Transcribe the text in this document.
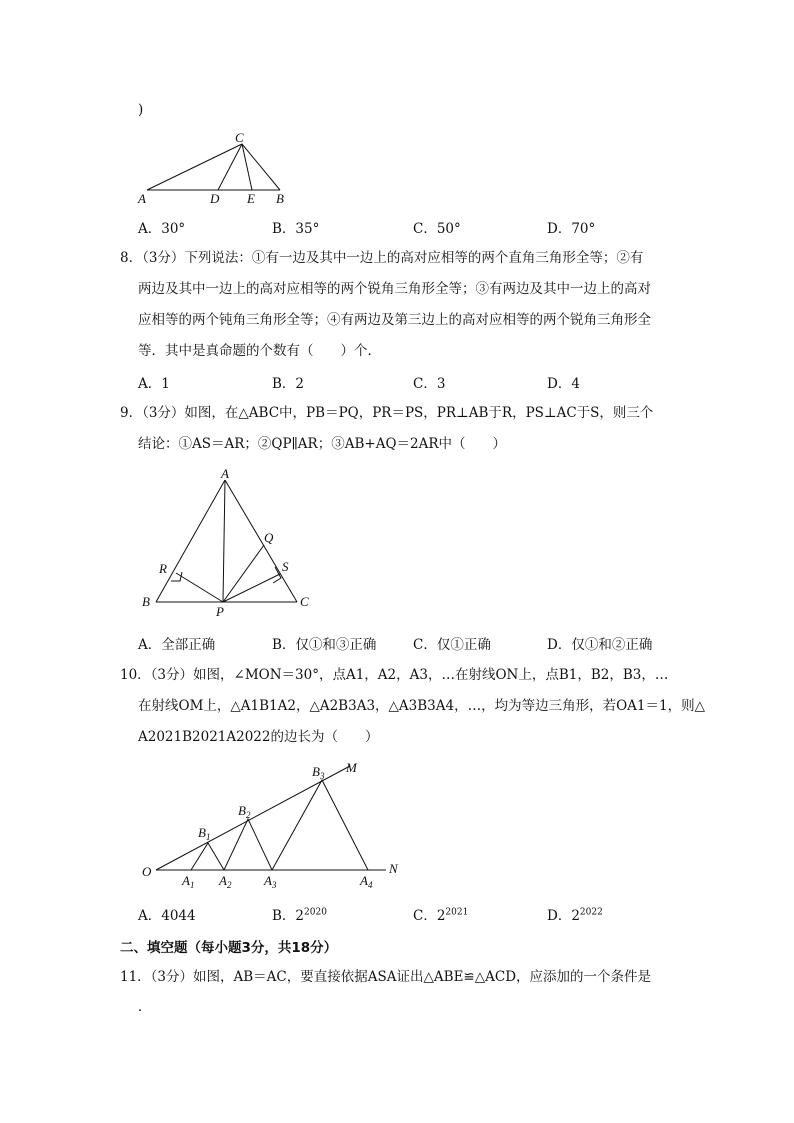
)
C
A	D E B
A．30°	B．35°	C．50°	D．70°
8．（3分）下列说法：①有一边及其中一边上的高对应相等的两个直角三角形全等；②有
两边及其中一边上的高对应相等的两个锐角三角形全等；③有两边及其中一边上的高对
应相等的两个钝角三角形全等；④有两边及第三边上的高对应相等的两个锐角三角形全
等．其中是真命题的个数有（　　）个．
A．1	B．2	C．3	D．4
9．（3分）如图，在△ABC中，PB＝PQ，PR＝PS，PR⊥AB于R，PS⊥AC于S，则三个
结论：①AS＝AR；②QP∥AR；③AB+AQ＝2AR中（　　）
A
Q
R	S
B
P
C
A．全部正确	B．仅①和③正确	C．仅①正确	D．仅①和②正确
10．（3分）如图，∠MON＝30°，点A1，A2，A3，…在射线ON上，点B1，B2，B3，…
在射线OM上，△A1B1A2，△A2B3A3，△A3B3A4，…，均为等边三角形，若OA1＝1，则△
A2021B2021A2022的边长为（　　）
O
M
N
$B_1$
$B_2$
$B_3$
$A_1$ $A_2$	$A_3$	$A_4$
A．4044	B．$2^{2020}$	C．$2^{2021}$	D．$2^{2022}$
二、填空题（每小题3分，共18分）
11．（3分）如图，AB＝AC，要直接依据ASA证出△ABE≌△ACD，应添加的一个条件是
．
